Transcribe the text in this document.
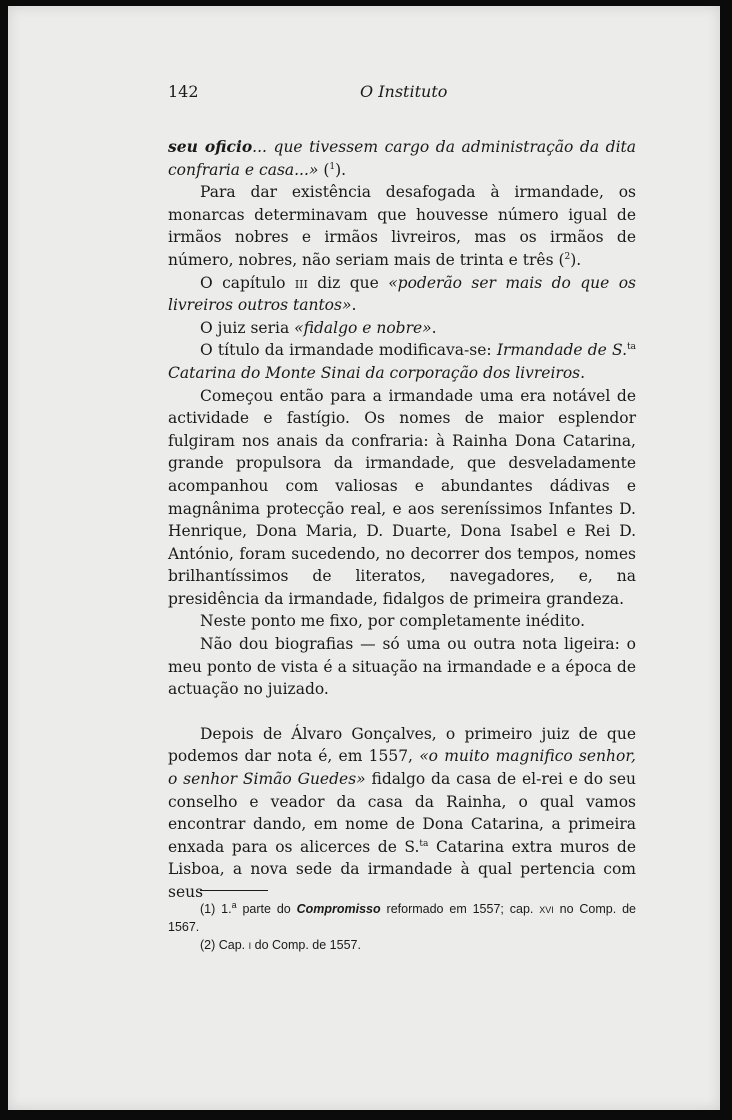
142	O Instituto

seu oficio... que tivessem cargo da administração da dita confraria e casa...» ($^1$).

Para dar existência desafogada à irmandade, os monarcas determinavam que houvesse número igual de irmãos nobres e irmãos livreiros, mas os irmãos de número, nobres, não seriam mais de trinta e três ($^2$).

O capítulo iii diz que «poderão ser mais do que os livreiros outros tantos».

O juiz seria «fidalgo e nobre».

O título da irmandade modificava-se: Irmandade de S.$^{ta}$ Catarina do Monte Sinai da corporação dos livreiros.

Começou então para a irmandade uma era notável de actividade e fastígio. Os nomes de maior esplendor fulgiram nos anais da confraria: à Rainha Dona Catarina, grande propulsora da irmandade, que desveladamente acompanhou com valiosas e abundantes dádivas e magnânima protecção real, e aos sereníssimos Infantes D. Henrique, Dona Maria, D. Duarte, Dona Isabel e Rei D. António, foram sucedendo, no decorrer dos tempos, nomes brilhantíssimos de literatos, navegadores, e, na presidência da irmandade, fidalgos de primeira grandeza.

Neste ponto me fixo, por completamente inédito.

Não dou biografias — só uma ou outra nota ligeira: o meu ponto de vista é a situação na irmandade e a época de actuação no juizado.

Depois de Álvaro Gonçalves, o primeiro juiz de que podemos dar nota é, em 1557, «o muito magnifico senhor, o senhor Simão Guedes» fidalgo da casa de el-rei e do seu conselho e veador da casa da Rainha, o qual vamos encontrar dando, em nome de Dona Catarina, a primeira enxada para os alicerces de S.$^{ta}$ Catarina extra muros de Lisboa, a nova sede da irmandade à qual pertencia com seus

(1) 1.$^a$ parte do Compromisso reformado em 1557; cap. xvi no Comp. de 1567.

(2) Cap. i do Comp. de 1557.
